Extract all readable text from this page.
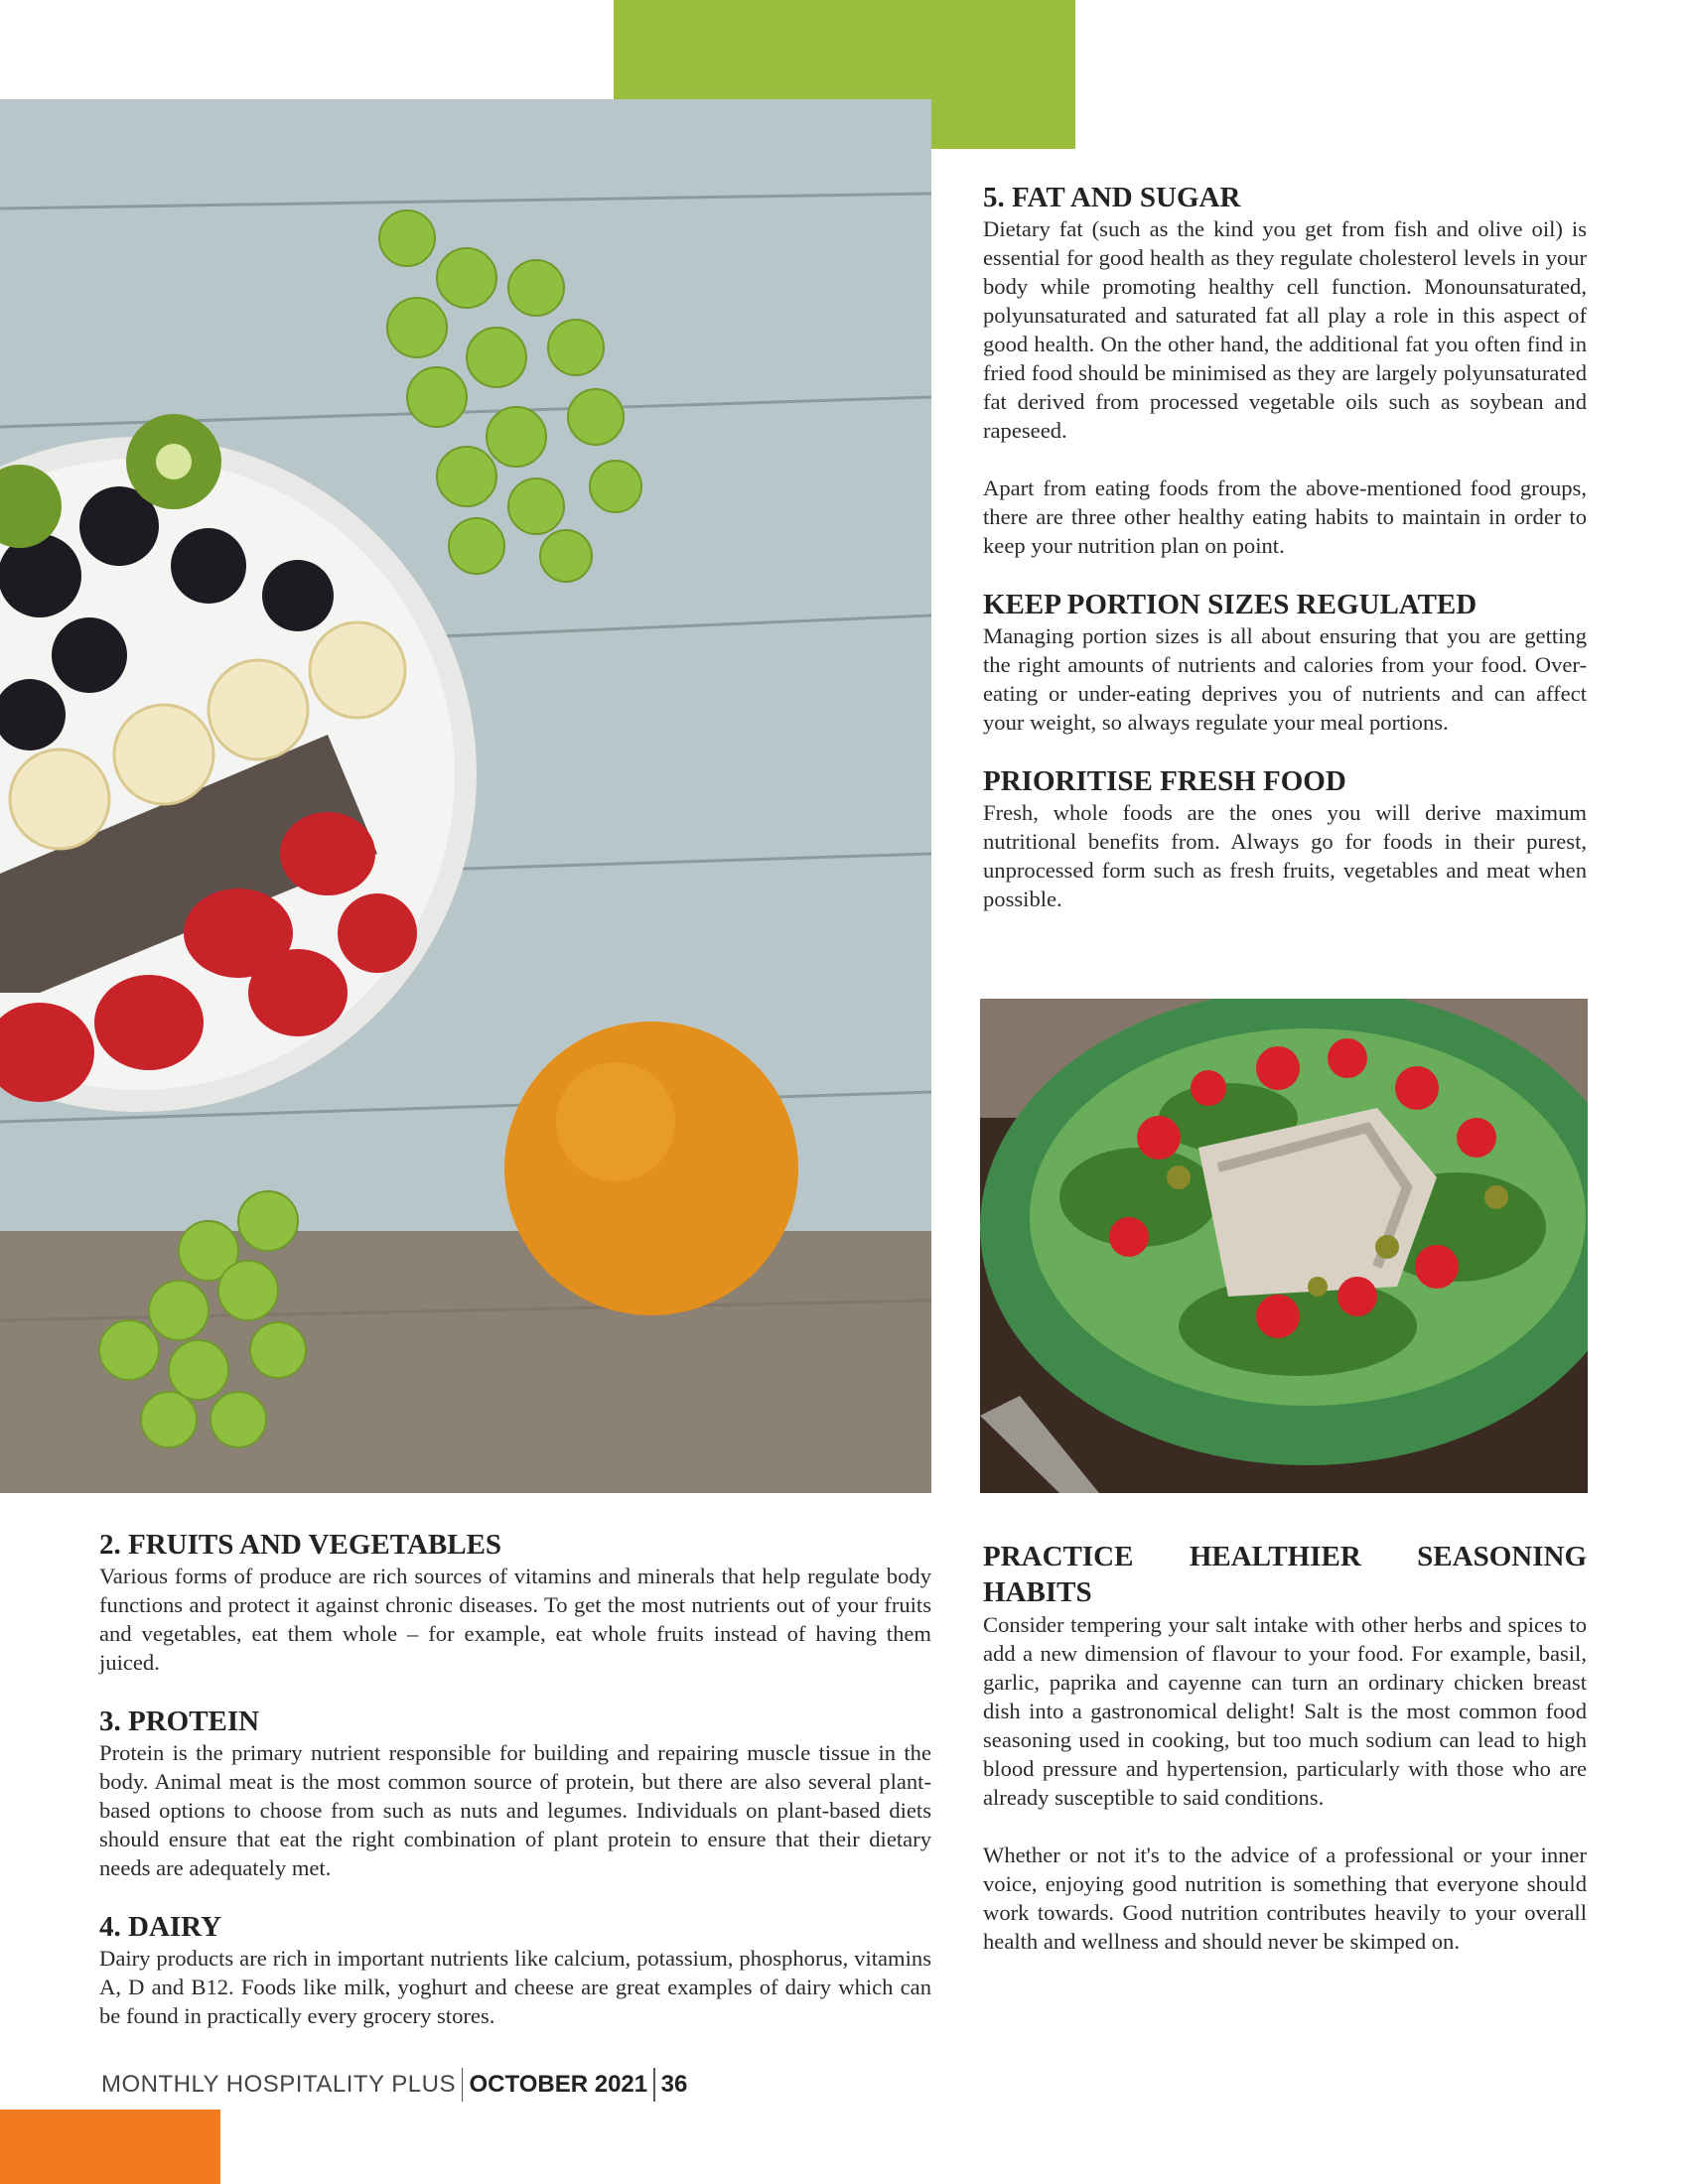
5. FAT AND SUGAR

Dietary fat (such as the kind you get from fish and olive oil) is essential for good health as they regulate cholesterol levels in your body while promoting healthy cell function. Monounsaturated, polyunsaturated and saturated fat all play a role in this aspect of good health. On the other hand, the additional fat you often find in fried food should be minimised as they are largely polyunsaturated fat derived from processed vegetable oils such as soybean and rapeseed.

Apart from eating foods from the above-mentioned food groups, there are three other healthy eating habits to maintain in order to keep your nutrition plan on point.

KEEP PORTION SIZES REGULATED

Managing portion sizes is all about ensuring that you are getting the right amounts of nutrients and calories from your food. Over-eating or under-eating deprives you of nutrients and can affect your weight, so always regulate your meal portions.

PRIORITISE FRESH FOOD

Fresh, whole foods are the ones you will derive maximum nutritional benefits from. Always go for foods in their purest, unprocessed form such as fresh fruits, vegetables and meat when possible.

PRACTICE HEALTHIER SEASONING HABITS

Consider tempering your salt intake with other herbs and spices to add a new dimension of flavour to your food. For example, basil, garlic, paprika and cayenne can turn an ordinary chicken breast dish into a gastronomical delight! Salt is the most common food seasoning used in cooking, but too much sodium can lead to high blood pressure and hypertension, particularly with those who are already susceptible to said conditions.

Whether or not it's to the advice of a professional or your inner voice, enjoying good nutrition is something that everyone should work towards. Good nutrition contributes heavily to your overall health and wellness and should never be skimped on.

2. FRUITS AND VEGETABLES

Various forms of produce are rich sources of vitamins and minerals that help regulate body functions and protect it against chronic diseases. To get the most nutrients out of your fruits and vegetables, eat them whole – for example, eat whole fruits instead of having them juiced.

3. PROTEIN

Protein is the primary nutrient responsible for building and repairing muscle tissue in the body. Animal meat is the most common source of protein, but there are also several plant-based options to choose from such as nuts and legumes. Individuals on plant-based diets should ensure that eat the right combination of plant protein to ensure that their dietary needs are adequately met.

4. DAIRY

Dairy products are rich in important nutrients like calcium, potassium, phosphorus, vitamins A, D and B12. Foods like milk, yoghurt and cheese are great examples of dairy which can be found in practically every grocery stores.

MONTHLY HOSPITALITY PLUS OCTOBER 2021 36
